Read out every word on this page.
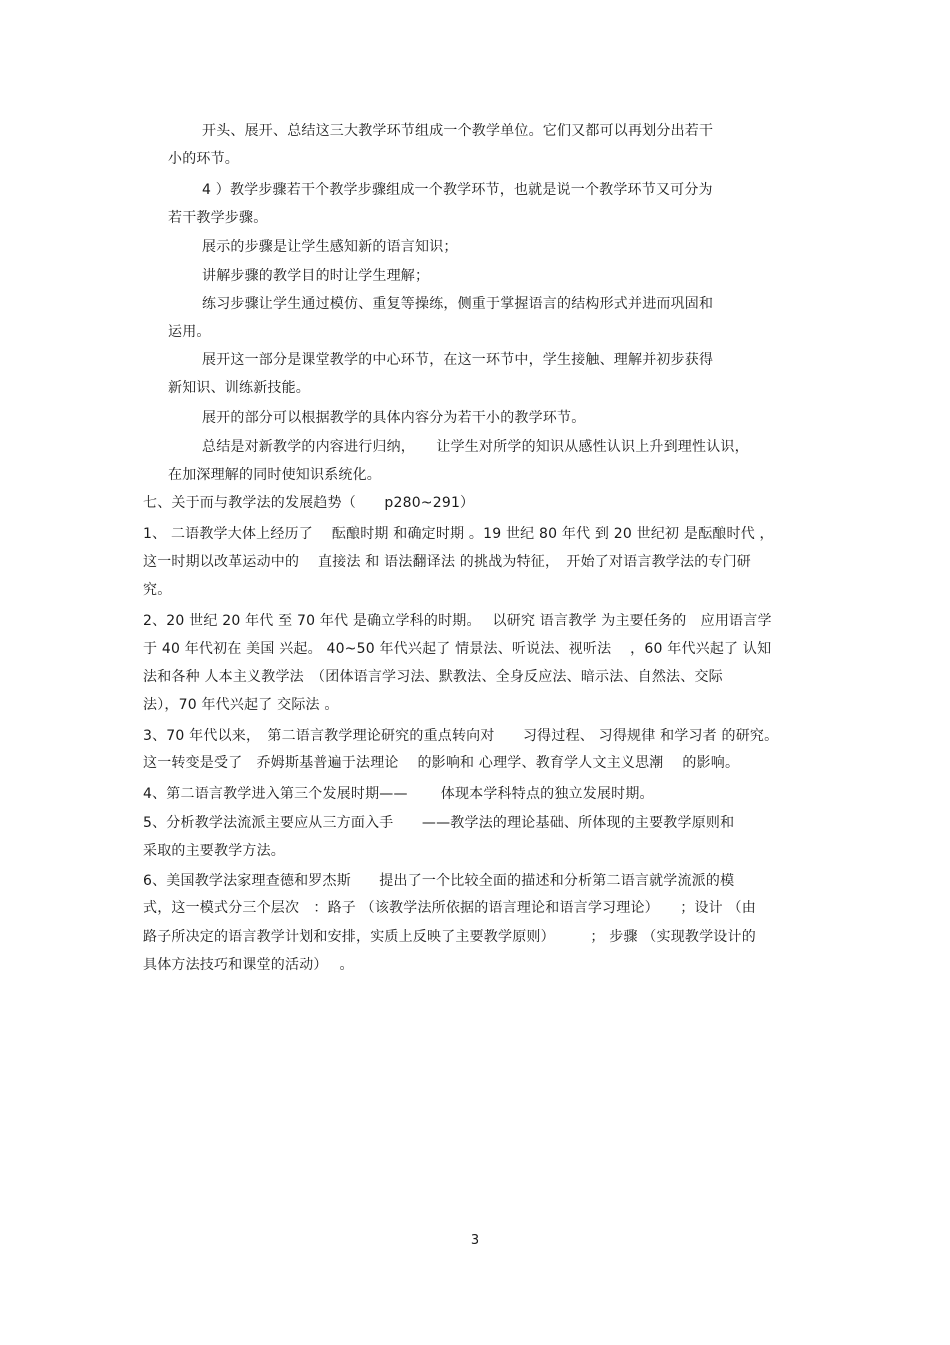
开头、展开、总结这三大教学环节组成一个教学单位。它们又都可以再划分出若干
小的环节。
4 ）教学步骤若干个教学步骤组成一个教学环节，也就是说一个教学环节又可分为
若干教学步骤。
展示的步骤是让学生感知新的语言知识；
讲解步骤的教学目的时让学生理解；
练习步骤让学生通过模仿、重复等操练，侧重于掌握语言的结构形式并进而巩固和
运用。
展开这一部分是课堂教学的中心环节，在这一环节中，学生接触、理解并初步获得
新知识、训练新技能。
展开的部分可以根据教学的具体内容分为若干小的教学环节。
总结是对新教学的内容进行归纳，　　让学生对所学的知识从感性认识上升到理性认识，
在加深理解的同时使知识系统化。
七、关于而与教学法的发展趋势（　　p280~291）
1、 二语教学大体上经历了　 酝酿时期 和确定时期 。19 世纪 80 年代 到 20 世纪初 是酝酿时代 ，
这一时期以改革运动中的　 直接法 和 语法翻译法 的挑战为特征，　开始了对语言教学法的专门研
究。
2、20 世纪 20 年代 至 70 年代 是确立学科的时期。　 以研究 语言教学 为主要任务的　应用语言学
于 40 年代初在 美国 兴起。 40~50 年代兴起了 情景法、听说法、视听法　 ，60 年代兴起了 认知
法和各种 人本主义教学法　（团体语言学习法、默教法、全身反应法、暗示法、自然法、交际
法），70 年代兴起了 交际法 。
3、70 年代以来，　第二语言教学理论研究的重点转向对　　习得过程、 习得规律 和学习者 的研究。
这一转变是受了　乔姆斯基普遍于法理论　 的影响和 心理学、教育学人文主义思潮　 的影响。
4、第二语言教学进入第三个发展时期——　　 体现本学科特点的独立发展时期。
5、分析教学法流派主要应从三方面入手　　——教学法的理论基础、所体现的主要教学原则和
采取的主要教学方法。
6、美国教学法家理查德和罗杰斯　　提出了一个比较全面的描述和分析第二语言就学流派的模
式，这一模式分三个层次　：路子 （该教学法所依据的语言理论和语言学习理论）　　；设计 （由
路子所决定的语言教学计划和安排，实质上反映了主要教学原则）　　　； 步骤 （实现教学设计的
具体方法技巧和课堂的活动）　 。
3
